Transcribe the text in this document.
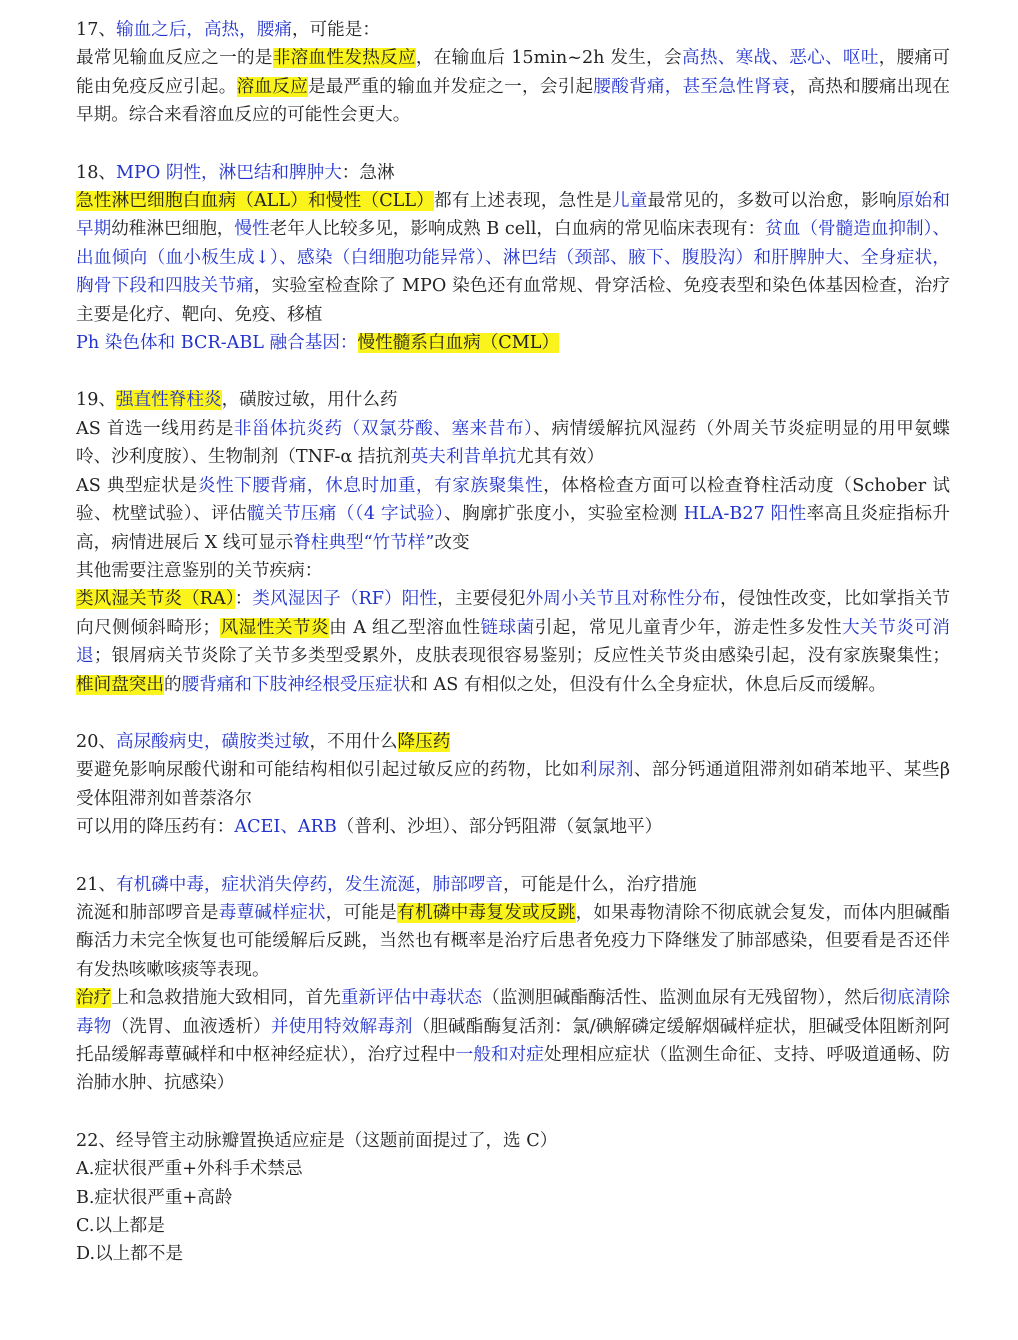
17、输血之后，高热，腰痛，可能是：
最常见输血反应之一的是非溶血性发热反应，在输血后 15min~2h 发生，会高热、寒战、恶心、呕吐，腰痛可能由免疫反应引起。溶血反应是最严重的输血并发症之一，会引起腰酸背痛，甚至急性肾衰，高热和腰痛出现在早期。综合来看溶血反应的可能性会更大。
18、MPO 阴性，淋巴结和脾肿大：急淋
急性淋巴细胞白血病（ALL）和慢性（CLL）都有上述表现，急性是儿童最常见的，多数可以治愈，影响原始和早期幼稚淋巴细胞，慢性老年人比较多见，影响成熟 B cell，白血病的常见临床表现有：贫血（骨髓造血抑制）、出血倾向（血小板生成↓）、感染（白细胞功能异常）、淋巴结（颈部、腋下、腹股沟）和肝脾肿大、全身症状，胸骨下段和四肢关节痛，实验室检查除了 MPO 染色还有血常规、骨穿活检、免疫表型和染色体基因检查，治疗主要是化疗、靶向、免疫、移植
Ph 染色体和 BCR-ABL 融合基因：慢性髓系白血病（CML）
19、强直性脊柱炎，磺胺过敏，用什么药
AS 首选一线用药是非甾体抗炎药（双氯芬酸、塞来昔布）、病情缓解抗风湿药（外周关节炎症明显的用甲氨蝶呤、沙利度胺）、生物制剂（TNF-α 拮抗剂英夫利昔单抗尤其有效）
AS 典型症状是炎性下腰背痛，休息时加重，有家族聚集性，体格检查方面可以检查脊柱活动度（Schober 试验、枕壁试验）、评估髋关节压痛（（4 字试验）、胸廓扩张度小，实验室检测 HLA-B27 阳性率高且炎症指标升高，病情进展后 X 线可显示脊柱典型“竹节样”改变
其他需要注意鉴别的关节疾病：
类风湿关节炎（RA）：类风湿因子（RF）阳性，主要侵犯外周小关节且对称性分布，侵蚀性改变，比如掌指关节向尺侧倾斜畸形；风湿性关节炎由 A 组乙型溶血性链球菌引起，常见儿童青少年，游走性多发性大关节炎可消退；银屑病关节炎除了关节多类型受累外，皮肤表现很容易鉴别；反应性关节炎由感染引起，没有家族聚集性；椎间盘突出的腰背痛和下肢神经根受压症状和 AS 有相似之处，但没有什么全身症状，休息后反而缓解。
20、高尿酸病史，磺胺类过敏，不用什么降压药
要避免影响尿酸代谢和可能结构相似引起过敏反应的药物，比如利尿剂、部分钙通道阻滞剂如硝苯地平、某些β 受体阻滞剂如普萘洛尔
可以用的降压药有：ACEI、ARB（普利、沙坦）、部分钙阻滞（氨氯地平）
21、有机磷中毒，症状消失停药，发生流涎，肺部啰音，可能是什么，治疗措施
流涎和肺部啰音是毒蕈碱样症状，可能是有机磷中毒复发或反跳，如果毒物清除不彻底就会复发，而体内胆碱酯酶活力未完全恢复也可能缓解后反跳，当然也有概率是治疗后患者免疫力下降继发了肺部感染，但要看是否还伴有发热咳嗽咳痰等表现。
治疗上和急救措施大致相同，首先重新评估中毒状态（监测胆碱酯酶活性、监测血尿有无残留物），然后彻底清除毒物（洗胃、血液透析）并使用特效解毒剂（胆碱酯酶复活剂：氯/碘解磷定缓解烟碱样症状，胆碱受体阻断剂阿托品缓解毒蕈碱样和中枢神经症状），治疗过程中一般和对症处理相应症状（监测生命征、支持、呼吸道通畅、防治肺水肿、抗感染）
22、经导管主动脉瓣置换适应症是（这题前面提过了，选 C）
A.症状很严重+外科手术禁忌
B.症状很严重+高龄
C.以上都是
D.以上都不是
